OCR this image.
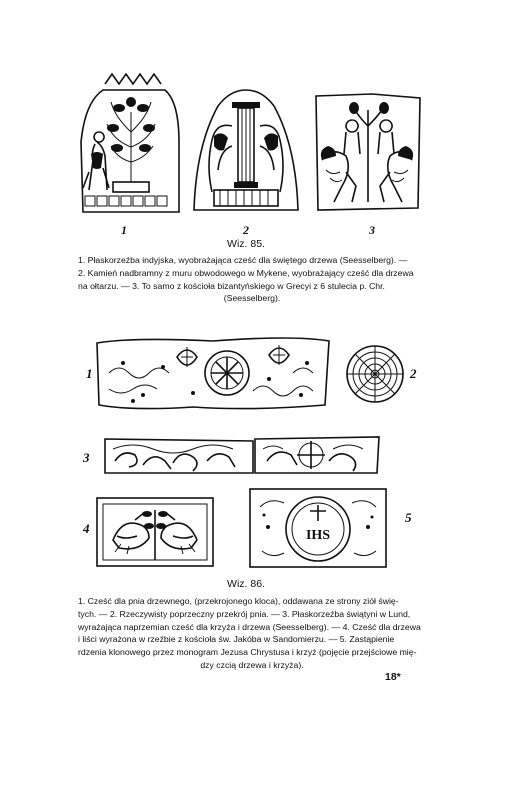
1	2	3
Wiz. 85.
1. Płaskorzeźba indyjska, wyobrażająca cześć dla świętego drzewa (Seesselberg). —
2. Kamień nadbramny z muru obwodowego w Mykene, wyobrażający cześć dla drzewa
na ołtarzu. — 3. To samo z kościoła bizantyńskiego w Grecyi z 6 stulecia p. Chr.
(Seesselberg).
IHS
1	2
3
4
5
Wiz. 86.
1. Cześć dla pnia drzewnego, (przekrojonego kloca), oddawana ze strony ziół świę-
tych. — 2. Rzeczywisty poprzeczny przekrój pnia. — 3. Płaskorzeźba świątyni w Lund,
wyrażająca naprzemian cześć dla krzyża i drzewa (Seesselberg). — 4. Cześć dla drzewa
i liści wyrażona w rzeźbie z kościoła św. Jakóba w Sandomierzu. — 5. Zastąpienie
rdzenia klonowego przez monogram Jezusa Chrystusa i krzyż (pojęcie przejściowe mię-
dzy czcią drzewa i krzyża).
18*
